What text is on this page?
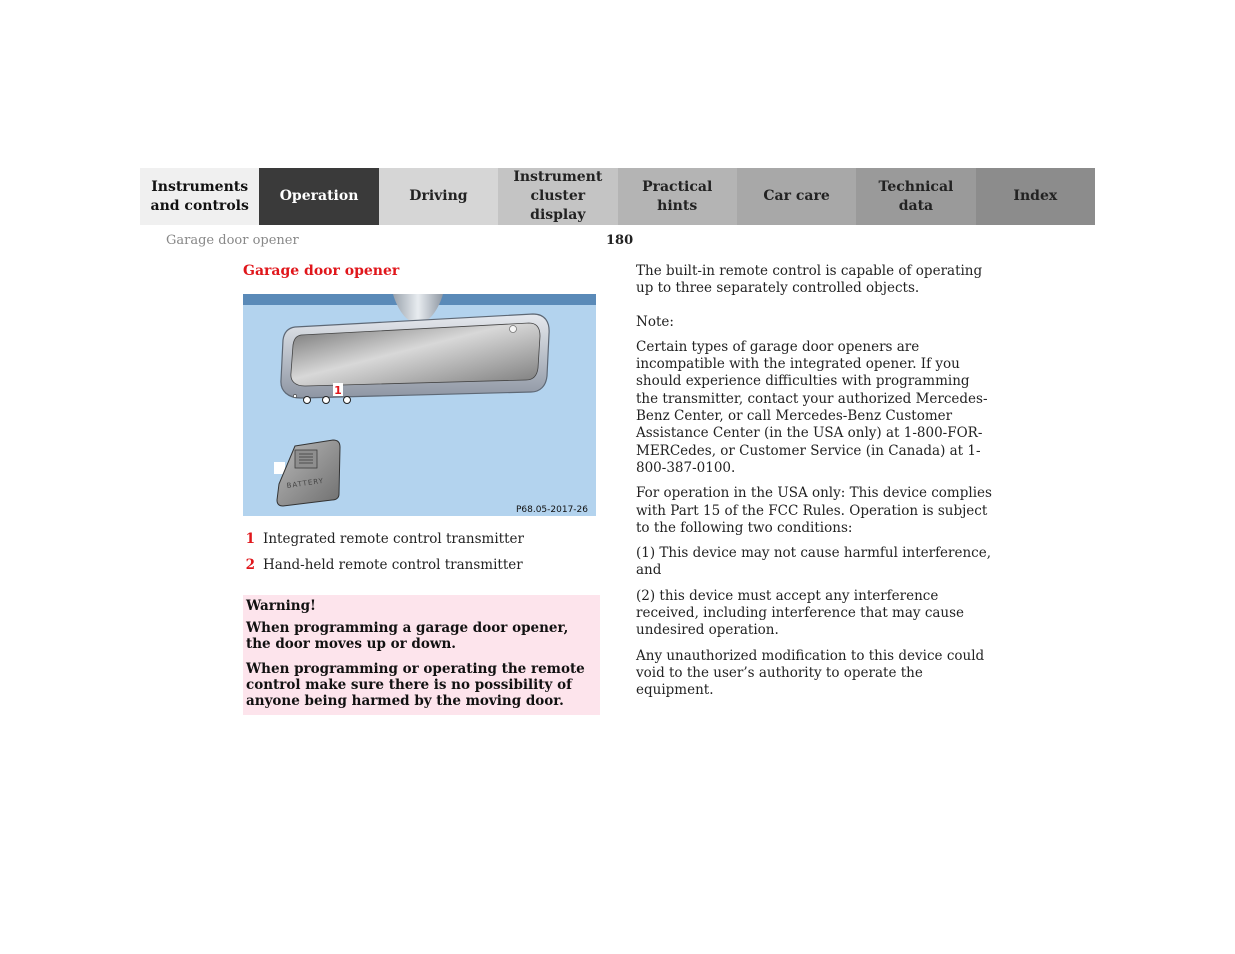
Instruments
and controls
Operation	Driving
Instrument
cluster display
Practical hints
Car care
Technical
data
Index
Garage door opener	180
Garage door opener
1
BATTERY
P68.05-2017-26
1 Integrated remote control transmitter
2 Hand-held remote control transmitter

Warning!

When programming a garage door opener, the door moves up or down.

When programming or operating the remote control make sure there is no possibility of anyone being harmed by the moving door.

The built-in remote control is capable of operating up to three separately controlled objects.

Note:

Certain types of garage door openers are incompatible with the integrated opener. If you should experience difficulties with programming the transmitter, contact your authorized Mercedes-Benz Center, or call Mercedes-Benz Customer Assistance Center (in the USA only) at 1-800-FOR-MERCedes, or Customer Service (in Canada) at 1-800-387-0100.

For operation in the USA only: This device complies with Part 15 of the FCC Rules. Operation is subject to the following two conditions:

(1) This device may not cause harmful interference, and

(2) this device must accept any interference received, including interference that may cause undesired operation.

Any unauthorized modification to this device could void to the user’s authority to operate the equipment.
